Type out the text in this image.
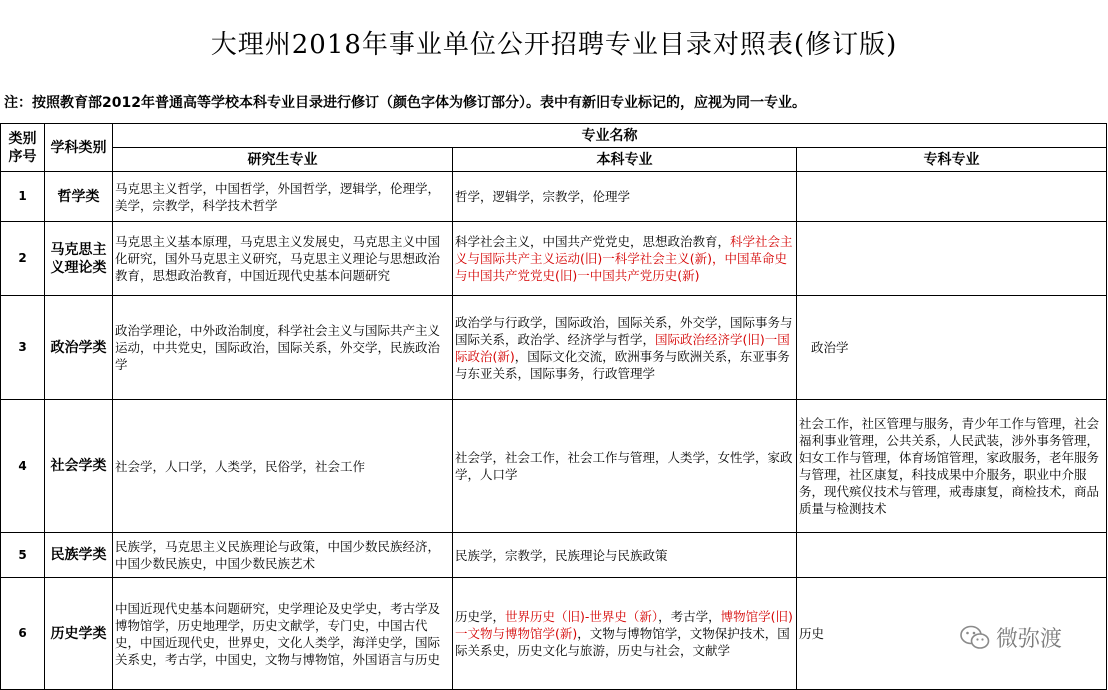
大理州2018年事业单位公开招聘专业目录对照表(修订版)
注：按照教育部2012年普通高等学校本科专业目录进行修订（颜色字体为修订部分）。表中有新旧专业标记的，应视为同一专业。
类别序号	学科类别	专业名称		
		研究生专业	本科专业	专科专业
1	哲学类	马克思主义哲学，中国哲学，外国哲学，逻辑学，伦理学，美学，宗教学，科学技术哲学	哲学，逻辑学，宗教学，伦理学	
2	马克思主义理论类	马克思主义基本原理，马克思主义发展史，马克思主义中国化研究，国外马克思主义研究，马克思主义理论与思想政治教育，思想政治教育，中国近现代史基本问题研究	科学社会主义，中国共产党党史，思想政治教育，科学社会主义与国际共产主义运动(旧)一科学社会主义(新)，中国革命史与中国共产党党史(旧)一中国共产党历史(新)	
3	政治学类	政治学理论，中外政治制度，科学社会主义与国际共产主义运动，中共党史，国际政治，国际关系，外交学，民族政治学	政治学与行政学，国际政治，国际关系，外交学，国际事务与国际关系，政治学、经济学与哲学，国际政治经济学(旧)一国际政治(新)，国际文化交流，欧洲事务与欧洲关系，东亚事务与东亚关系，国际事务，行政管理学	政治学
4	社会学类	社会学，人口学，人类学，民俗学，社会工作	社会学，社会工作，社会工作与管理，人类学，女性学，家政学，人口学	社会工作，社区管理与服务，青少年工作与管理，社会福利事业管理，公共关系，人民武装，涉外事务管理，妇女工作与管理，体育场馆管理，家政服务，老年服务与管理，社区康复，科技成果中介服务，职业中介服务，现代殡仪技术与管理，戒毒康复，商检技术，商品质量与检测技术
5	民族学类	民族学，马克思主义民族理论与政策，中国少数民族经济，中国少数民族史，中国少数民族艺术	民族学，宗教学，民族理论与民族政策	
6	历史学类	中国近现代史基本问题研究，史学理论及史学史，考古学及博物馆学，历史地理学，历史文献学，专门史，中国古代史，中国近现代史，世界史，文化人类学，海洋史学，国际关系史，考古学，中国史，文物与博物馆，外国语言与历史	历史学，世界历史（旧)-世界史（新），考古学，博物馆学(旧)一文物与博物馆学(新)，文物与博物馆学，文物保护技术，国际关系史，历史文化与旅游，历史与社会，文献学	历史	微弥渡
